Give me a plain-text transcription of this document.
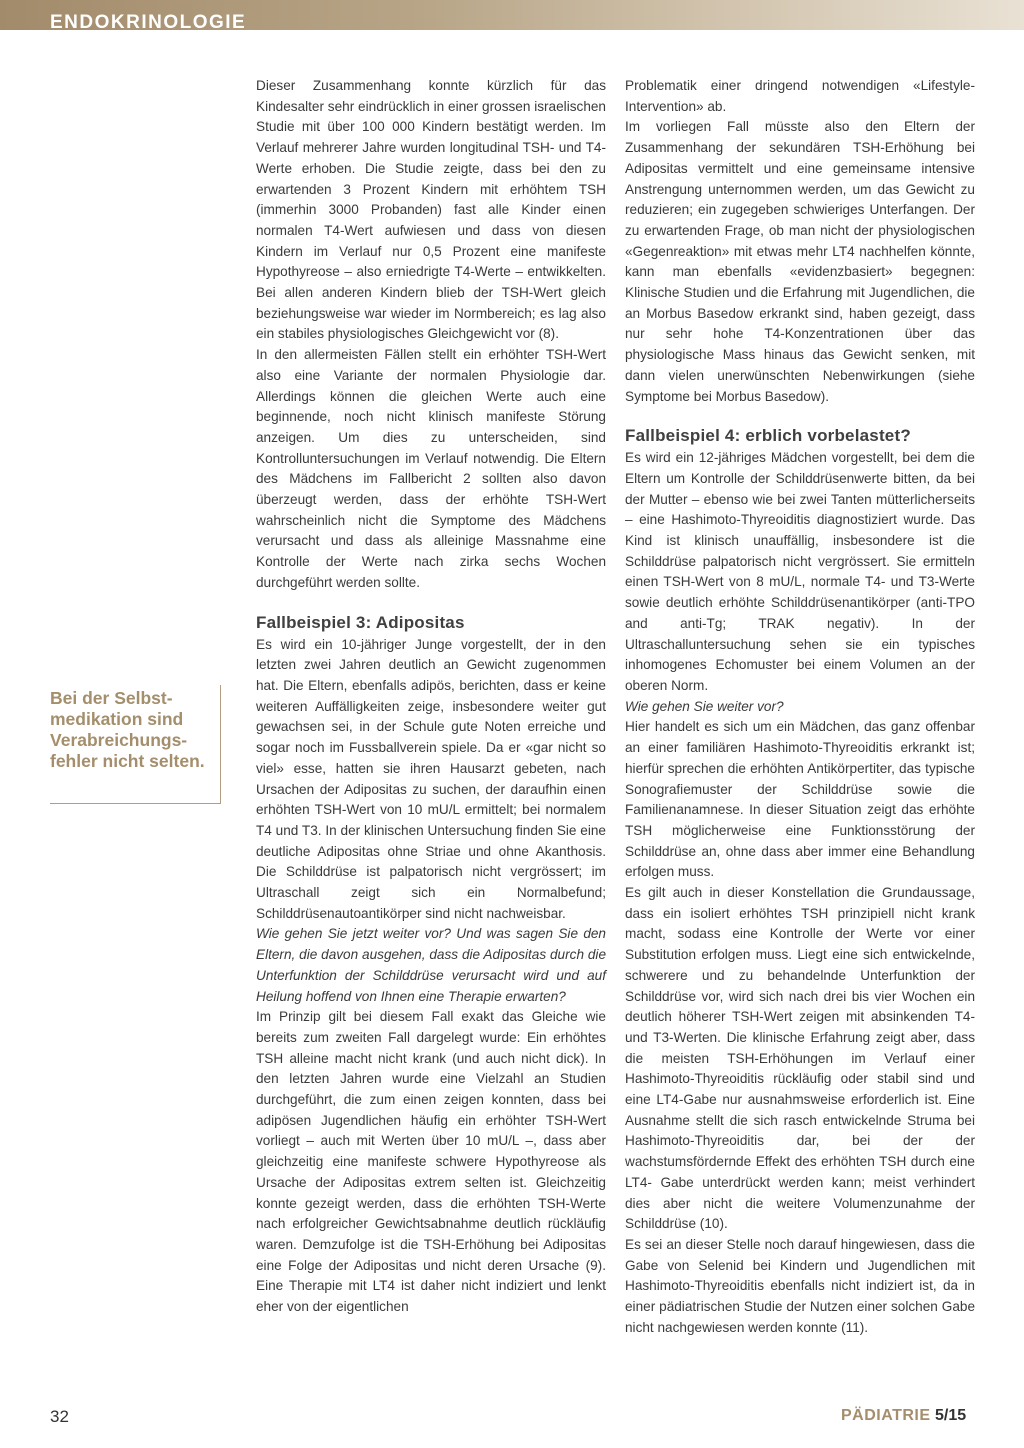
ENDOKRINOLOGIE
Bei der Selbst-medikation sind Verabreichungs-fehler nicht selten.

Dieser Zusammenhang konnte kürzlich für das Kindesalter sehr eindrücklich in einer grossen israelischen Studie mit über 100 000 Kindern bestätigt werden. Im Verlauf mehrerer Jahre wurden longitudinal TSH- und T4-Werte erhoben. Die Studie zeigte, dass bei den zu erwartenden 3 Prozent Kindern mit erhöhtem TSH (immerhin 3000 Probanden) fast alle Kinder einen normalen T4-Wert aufwiesen und dass von diesen Kindern im Verlauf nur 0,5 Prozent eine manifeste Hypothyreose – also erniedrigte T4-Werte – entwikkelten. Bei allen anderen Kindern blieb der TSH-Wert gleich beziehungsweise war wieder im Normbereich; es lag also ein stabiles physiologisches Gleichgewicht vor (8).

In den allermeisten Fällen stellt ein erhöhter TSH-Wert also eine Variante der normalen Physiologie dar. Allerdings können die gleichen Werte auch eine beginnende, noch nicht klinisch manifeste Störung anzeigen. Um dies zu unterscheiden, sind Kontrolluntersuchungen im Verlauf notwendig. Die Eltern des Mädchens im Fallbericht 2 sollten also davon überzeugt werden, dass der erhöhte TSH-Wert wahrscheinlich nicht die Symptome des Mädchens verursacht und dass als alleinige Massnahme eine Kontrolle der Werte nach zirka sechs Wochen durchgeführt werden sollte.

Fallbeispiel 3: Adipositas

Es wird ein 10-jähriger Junge vorgestellt, der in den letzten zwei Jahren deutlich an Gewicht zugenommen hat. Die Eltern, ebenfalls adipös, berichten, dass er keine weiteren Auffälligkeiten zeige, insbesondere weiter gut gewachsen sei, in der Schule gute Noten erreiche und sogar noch im Fussballverein spiele. Da er «gar nicht so viel» esse, hatten sie ihren Hausarzt gebeten, nach Ursachen der Adipositas zu suchen, der daraufhin einen erhöhten TSH-Wert von 10 mU/L ermittelt; bei normalem T4 und T3. In der klinischen Untersuchung finden Sie eine deutliche Adipositas ohne Striae und ohne Akanthosis. Die Schilddrüse ist palpatorisch nicht vergrössert; im Ultraschall zeigt sich ein Normalbefund; Schilddrüsenautoantikörper sind nicht nachweisbar.

Wie gehen Sie jetzt weiter vor? Und was sagen Sie den Eltern, die davon ausgehen, dass die Adipositas durch die Unterfunktion der Schilddrüse verursacht wird und auf Heilung hoffend von Ihnen eine Therapie erwarten?

Im Prinzip gilt bei diesem Fall exakt das Gleiche wie bereits zum zweiten Fall dargelegt wurde: Ein erhöhtes TSH alleine macht nicht krank (und auch nicht dick). In den letzten Jahren wurde eine Vielzahl an Studien durchgeführt, die zum einen zeigen konnten, dass bei adipösen Jugendlichen häufig ein erhöhter TSH-Wert vorliegt – auch mit Werten über 10 mU/L –, dass aber gleichzeitig eine manifeste schwere Hypothyreose als Ursache der Adipositas extrem selten ist. Gleichzeitig konnte gezeigt werden, dass die erhöhten TSH-Werte nach erfolgreicher Gewichtsabnahme deutlich rückläufig waren. Demzufolge ist die TSH-Erhöhung bei Adipositas eine Folge der Adipositas und nicht deren Ursache (9). Eine Therapie mit LT4 ist daher nicht indiziert und lenkt eher von der eigentlichen

Problematik einer dringend notwendigen «Lifestyle-Intervention» ab.

Im vorliegen Fall müsste also den Eltern der Zusammenhang der sekundären TSH-Erhöhung bei Adipositas vermittelt und eine gemeinsame intensive Anstrengung unternommen werden, um das Gewicht zu reduzieren; ein zugegeben schwieriges Unterfangen. Der zu erwartenden Frage, ob man nicht der physiologischen «Gegenreaktion» mit etwas mehr LT4 nachhelfen könnte, kann man ebenfalls «evidenzbasiert» begegnen: Klinische Studien und die Erfahrung mit Jugendlichen, die an Morbus Basedow erkrankt sind, haben gezeigt, dass nur sehr hohe T4-Konzentrationen über das physiologische Mass hinaus das Gewicht senken, mit dann vielen unerwünschten Nebenwirkungen (siehe Symptome bei Morbus Basedow).

Fallbeispiel 4: erblich vorbelastet?

Es wird ein 12-jähriges Mädchen vorgestellt, bei dem die Eltern um Kontrolle der Schilddrüsenwerte bitten, da bei der Mutter – ebenso wie bei zwei Tanten mütterlicherseits – eine Hashimoto-Thyreoiditis diagnostiziert wurde. Das Kind ist klinisch unauffällig, insbesondere ist die Schilddrüse palpatorisch nicht vergrössert. Sie ermitteln einen TSH-Wert von 8 mU/L, normale T4- und T3-Werte sowie deutlich erhöhte Schilddrüsenantikörper (anti-TPO and anti-Tg; TRAK negativ). In der Ultraschalluntersuchung sehen sie ein typisches inhomogenes Echomuster bei einem Volumen an der oberen Norm.

Wie gehen Sie weiter vor?

Hier handelt es sich um ein Mädchen, das ganz offenbar an einer familiären Hashimoto-Thyreoiditis erkrankt ist; hierfür sprechen die erhöhten Antikörpertiter, das typische Sonografiemuster der Schilddrüse sowie die Familienanamnese. In dieser Situation zeigt das erhöhte TSH möglicherweise eine Funktionsstörung der Schilddrüse an, ohne dass aber immer eine Behandlung erfolgen muss.

Es gilt auch in dieser Konstellation die Grundaussage, dass ein isoliert erhöhtes TSH prinzipiell nicht krank macht, sodass eine Kontrolle der Werte vor einer Substitution erfolgen muss. Liegt eine sich entwickelnde, schwerere und zu behandelnde Unterfunktion der Schilddrüse vor, wird sich nach drei bis vier Wochen ein deutlich höherer TSH-Wert zeigen mit absinkenden T4- und T3-Werten. Die klinische Erfahrung zeigt aber, dass die meisten TSH-Erhöhungen im Verlauf einer Hashimoto-Thyreoiditis rückläufig oder stabil sind und eine LT4-Gabe nur ausnahmsweise erforderlich ist. Eine Ausnahme stellt die sich rasch entwickelnde Struma bei Hashimoto-Thyreoiditis dar, bei der der wachstumsfördernde Effekt des erhöhten TSH durch eine LT4- Gabe unterdrückt werden kann; meist verhindert dies aber nicht die weitere Volumenzunahme der Schilddrüse (10).

Es sei an dieser Stelle noch darauf hingewiesen, dass die Gabe von Selenid bei Kindern und Jugendlichen mit Hashimoto-Thyreoiditis ebenfalls nicht indiziert ist, da in einer pädiatrischen Studie der Nutzen einer solchen Gabe nicht nachgewiesen werden konnte (11).

32	PÄDIATRIE 5/15
